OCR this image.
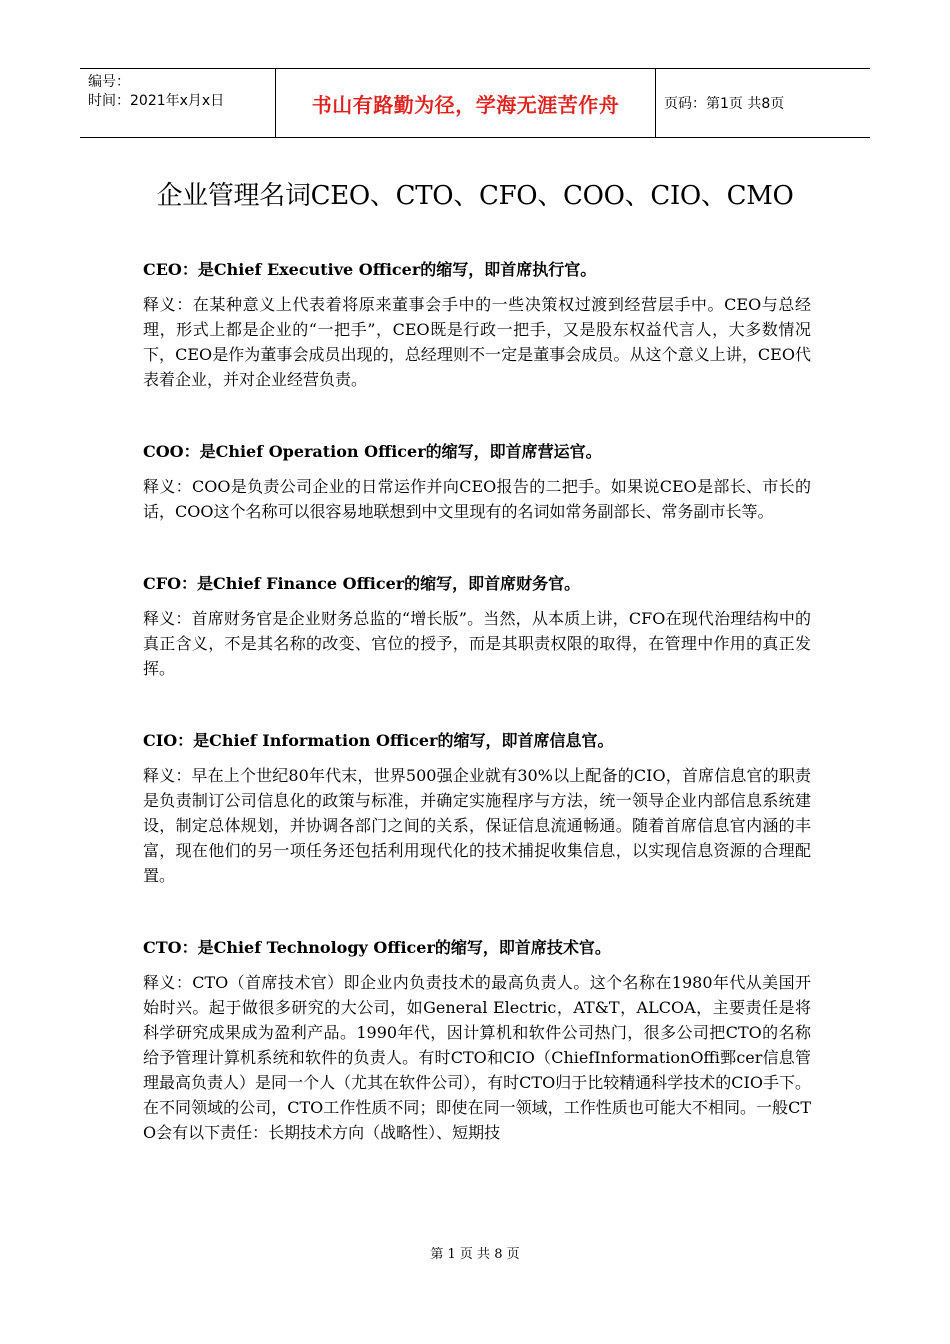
编号：
时间：2021年x月x日	书山有路勤为径，学海无涯苦作舟	页码：第1页 共8页
企业管理名词CEO、CTO、CFO、COO、CIO、CMO

CEO：是Chief Executive Officer的缩写，即首席执行官。

释义：在某种意义上代表着将原来董事会手中的一些决策权过渡到经营层手中。CEO与总经理，形式上都是企业的“一把手”，CEO既是行政一把手，又是股东权益代言人，大多数情况下，CEO是作为董事会成员出现的，总经理则不一定是董事会成员。从这个意义上讲，CEO代表着企业，并对企业经营负责。

COO：是Chief Operation Officer的缩写，即首席营运官。

释义：COO是负责公司企业的日常运作并向CEO报告的二把手。如果说CEO是部长、市长的话，COO这个名称可以很容易地联想到中文里现有的名词如常务副部长、常务副市长等。

CFO：是Chief Finance Officer的缩写，即首席财务官。

释义：首席财务官是企业财务总监的“增长版”。当然，从本质上讲，CFO在现代治理结构中的真正含义，不是其名称的改变、官位的授予，而是其职责权限的取得，在管理中作用的真正发挥。

CIO：是Chief Information Officer的缩写，即首席信息官。

释义：早在上个世纪80年代末，世界500强企业就有30%以上配备的CIO，首席信息官的职责是负责制订公司信息化的政策与标准，并确定实施程序与方法，统一领导企业内部信息系统建设，制定总体规划，并协调各部门之间的关系，保证信息流通畅通。随着首席信息官内涵的丰富，现在他们的另一项任务还包括利用现代化的技术捕捉收集信息，以实现信息资源的合理配置。

CTO：是Chief Technology Officer的缩写，即首席技术官。

释义：CTO（首席技术官）即企业内负责技术的最高负责人。这个名称在1980年代从美国开始时兴。起于做很多研究的大公司，如General Electric，AT&T，ALCOA，主要责任是将科学研究成果成为盈利产品。1990年代，因计算机和软件公司热门，很多公司把CTO的名称给予管理计算机系统和软件的负责人。有时CTO和CIO（ChiefInformationOffi鄄cer信息管理最高负责人）是同一个人（尤其在软件公司），有时CTO归于比较精通科学技术的CIO手下。在不同领域的公司，CTO工作性质不同；即使在同一领域，工作性质也可能大不相同。一般CTO会有以下责任：长期技术方向（战略性）、短期技

第 1 页 共 8 页
